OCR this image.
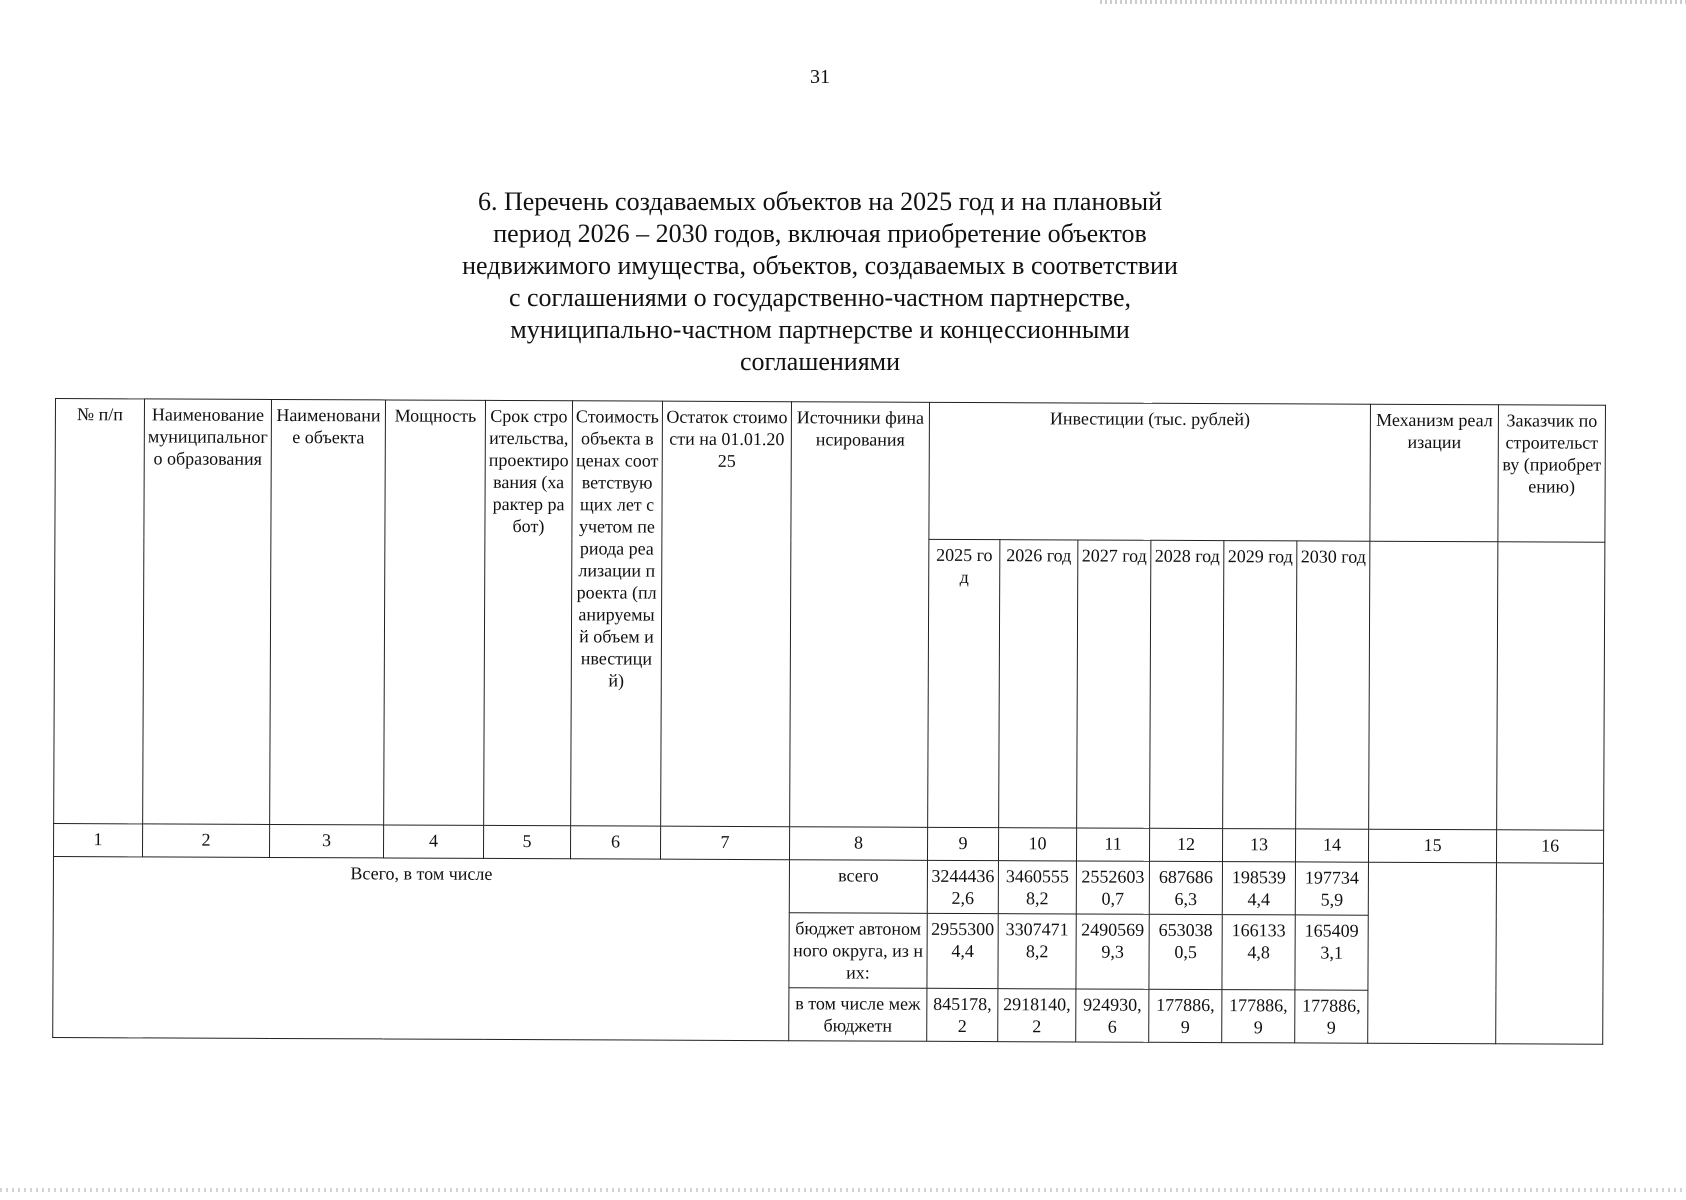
31
6. Перечень создаваемых объектов на 2025 год и на плановый
период 2026 – 2030 годов, включая приобретение объектов
недвижимого имущества, объектов, создаваемых в соответствии
с соглашениями о государственно-частном партнерстве,
муниципально-частном партнерстве и концессионными
соглашениями
№ п/п	Наименование муниципального образования	Наименование объекта	Мощность	Срок строительства, проектирования (характер работ)	Стоимость объекта в ценах соответствующих лет с учетом периода реализации проекта (планируемый объем инвестиций)	Остаток стоимости на 01.01.2025	Источники финансирования	Инвестиции (тыс. рублей)						Механизм реализации	Заказчик по строительству (приобретению)
								2025 год	2026 год	2027 год	2028 год	2029 год	2030 год		
1	2	3	4	5	6	7	8	9	10	11	12	13	14	15	16
Всего, в том числе							всего	32444362,6	34605558,2	25526030,7	6876866,3	1985394,4	1977345,9		
							бюджет автономного округа, из них:	29553004,4	33074718,2	24905699,3	6530380,5	1661334,8	1654093,1		
							в том числе межбюджетн	845178,2	2918140,2	924930,6	177886,9	177886,9	177886,9		
